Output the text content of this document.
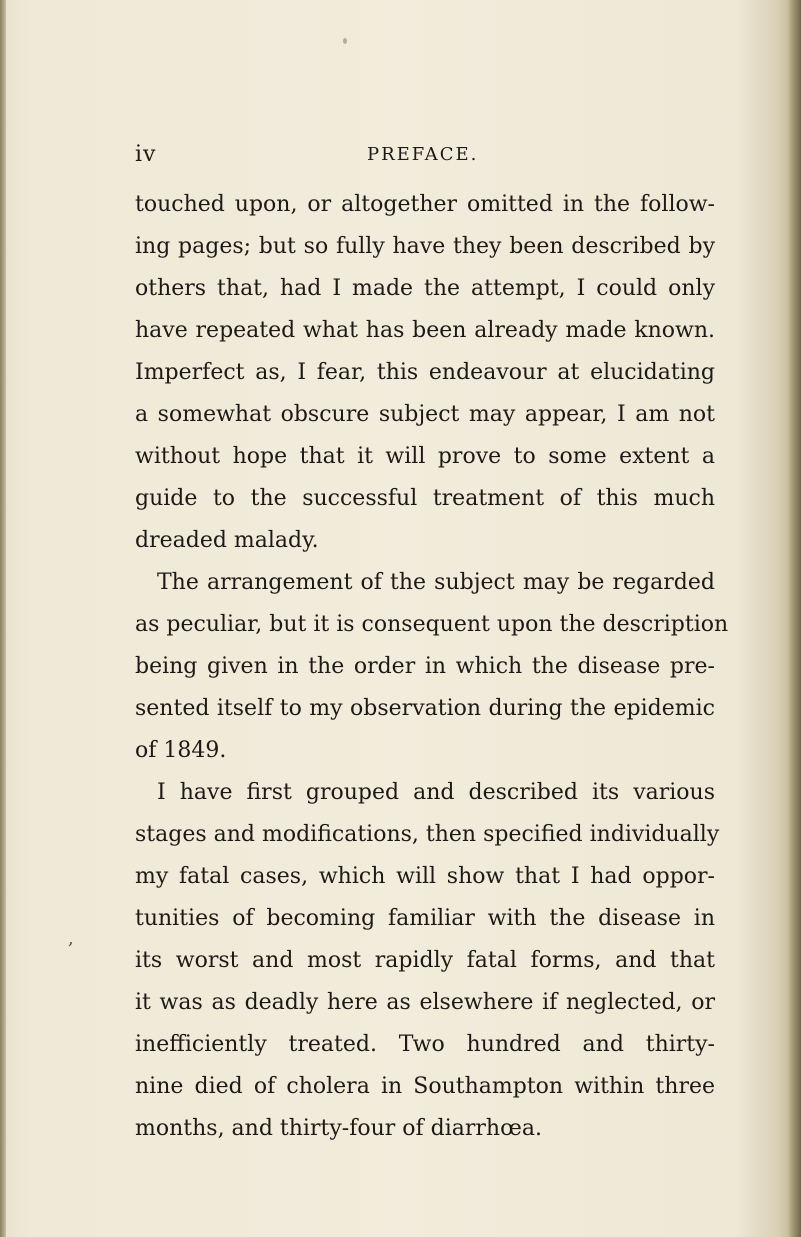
,
iv	PREFACE.
touched upon, or altogether omitted in the follow-
ing pages; but so fully have they been described by
others that, had I made the attempt, I could only
have repeated what has been already made known.
Imperfect as, I fear, this endeavour at elucidating
a somewhat obscure subject may appear, I am not
without hope that it will prove to some extent a
guide to the successful treatment of this much
dreaded malady.
The arrangement of the subject may be regarded
as peculiar, but it is consequent upon the description
being given in the order in which the disease pre-
sented itself to my observation during the epidemic
of 1849.
I have first grouped and described its various
stages and modifications, then specified individually
my fatal cases, which will show that I had oppor-
tunities of becoming familiar with the disease in
its worst and most rapidly fatal forms, and that
it was as deadly here as elsewhere if neglected, or
inefficiently treated. Two hundred and thirty-
nine died of cholera in Southampton within three
months, and thirty-four of diarrhœa.
